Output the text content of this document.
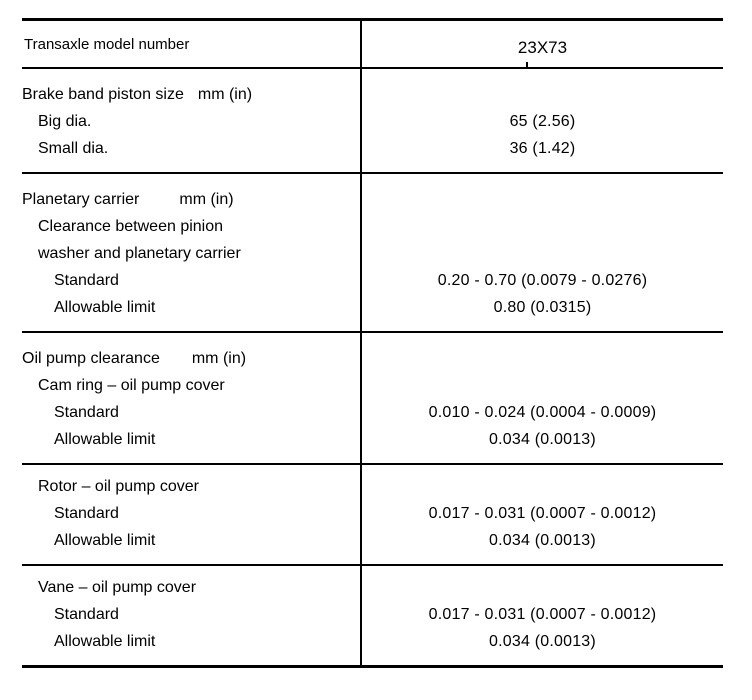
Transaxle model number	23X73
Brake band piston size mm (in)
Big dia.
Small dia.
65 (2.56)
36 (1.42)
Planetary carrier	mm (in)
Clearance between pinion
washer and planetary carrier
Standard
Allowable limit
0.20 - 0.70 (0.0079 - 0.0276)
0.80 (0.0315)
Oil pump clearance mm (in)
Cam ring – oil pump cover
Standard
Allowable limit
0.010 - 0.024 (0.0004 - 0.0009)
0.034 (0.0013)
Rotor – oil pump cover
Standard
Allowable limit
0.017 - 0.031 (0.0007 - 0.0012)
0.034 (0.0013)
Vane – oil pump cover
Standard
Allowable limit
0.017 - 0.031 (0.0007 - 0.0012)
0.034 (0.0013)
